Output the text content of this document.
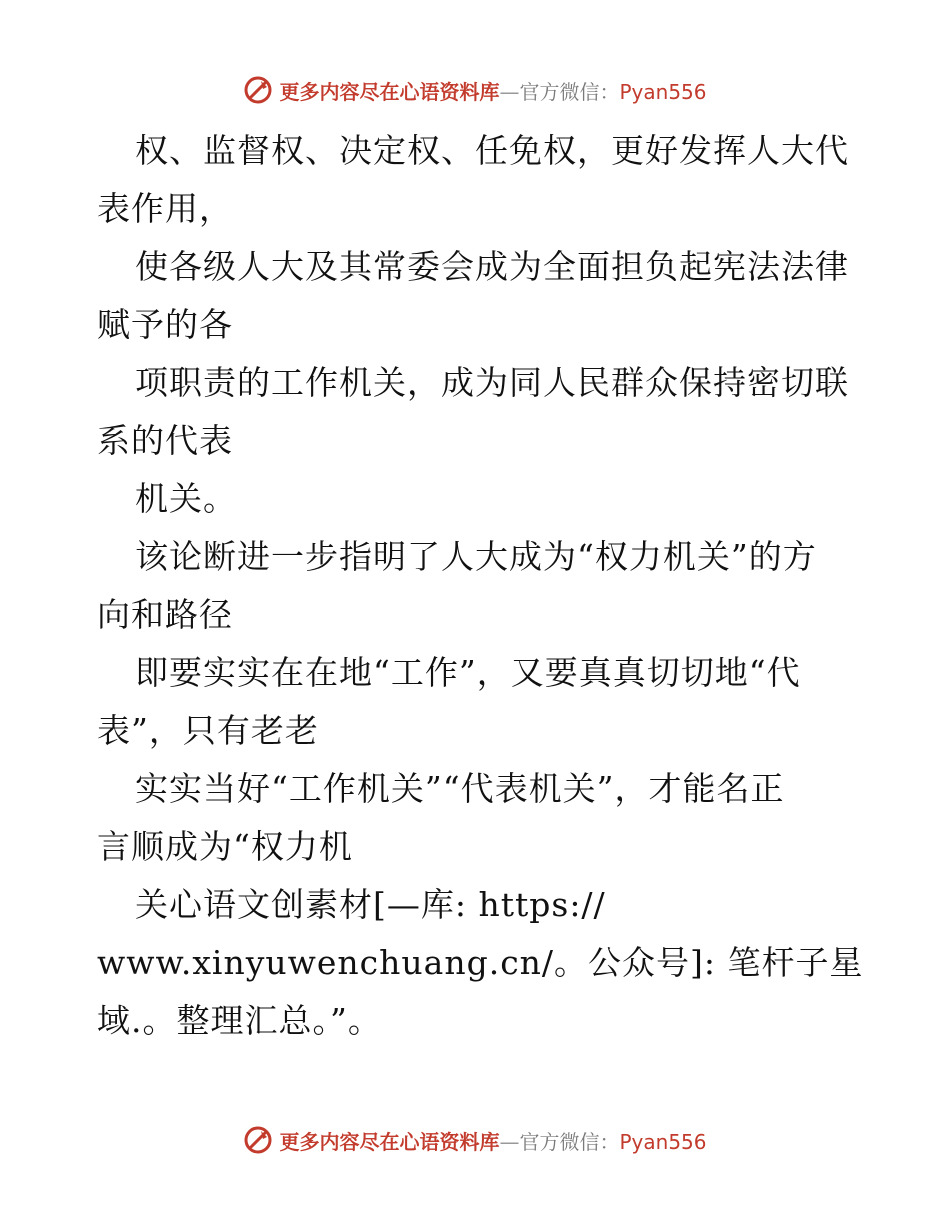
更多内容尽在心语资料库—官方微信：Pyan556
权、监督权、决定权、任免权，更好发挥人大代
表作用，
使各级人大及其常委会成为全面担负起宪法法律
赋予的各
项职责的工作机关，成为同人民群众保持密切联
系的代表
机关。
该论断进一步指明了人大成为“权力机关”的方
向和路径
即要实实在在地“工作”，又要真真切切地“代
表”，只有老老
实实当好“工作机关”“代表机关”，才能名正
言顺成为“权力机
关心语文创素材[—库: https://
www.xinyuwenchuang.cn/。公众号]: 笔杆子星
域.。整理汇总。”。
更多内容尽在心语资料库—官方微信：Pyan556
